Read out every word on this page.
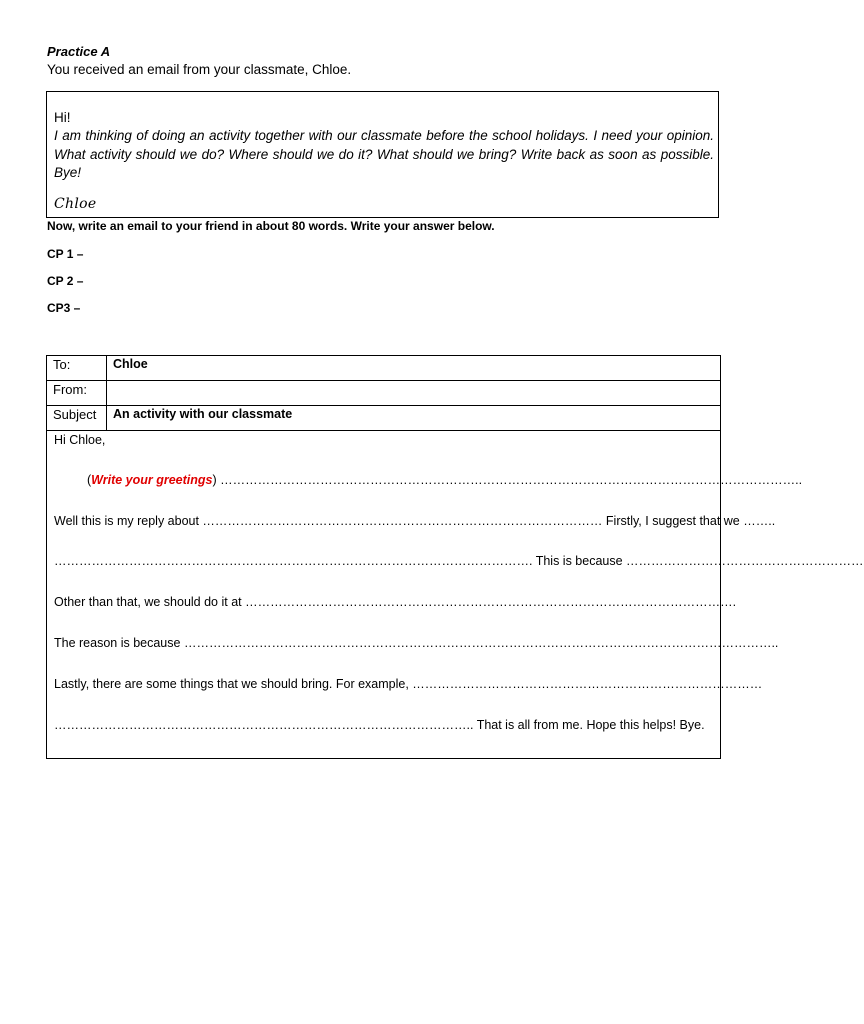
Practice A
You received an email from your classmate, Chloe.
Hi!
I am thinking of doing an activity together with our classmate before the school holidays. I need your opinion. What activity should we do? Where should we do it? What should we bring? Write back as soon as possible. Bye!
Chloe
Now, write an email to your friend in about 80 words. Write your answer below.
CP 1 –
CP 2 –
CP3 –
To:	Chloe
From:
Subject An activity with our classmate
Hi Chloe,
(Write your greetings) …………………………………………………………………………………………………………………………..
Well this is my reply about …………………………………………………………………………………… Firstly, I suggest that we ……..
……………………………………………………………………………………………………. This is because …………………………………………………
Other than that, we should do it at ……………………………………………………………………………………………………….
The reason is because ……………………………………………………………………………………………………………………………..
Lastly, there are some things that we should bring. For example, …………………………………………………………………………
……………………………………………………………………………………….. That is all from me. Hope this helps! Bye.
